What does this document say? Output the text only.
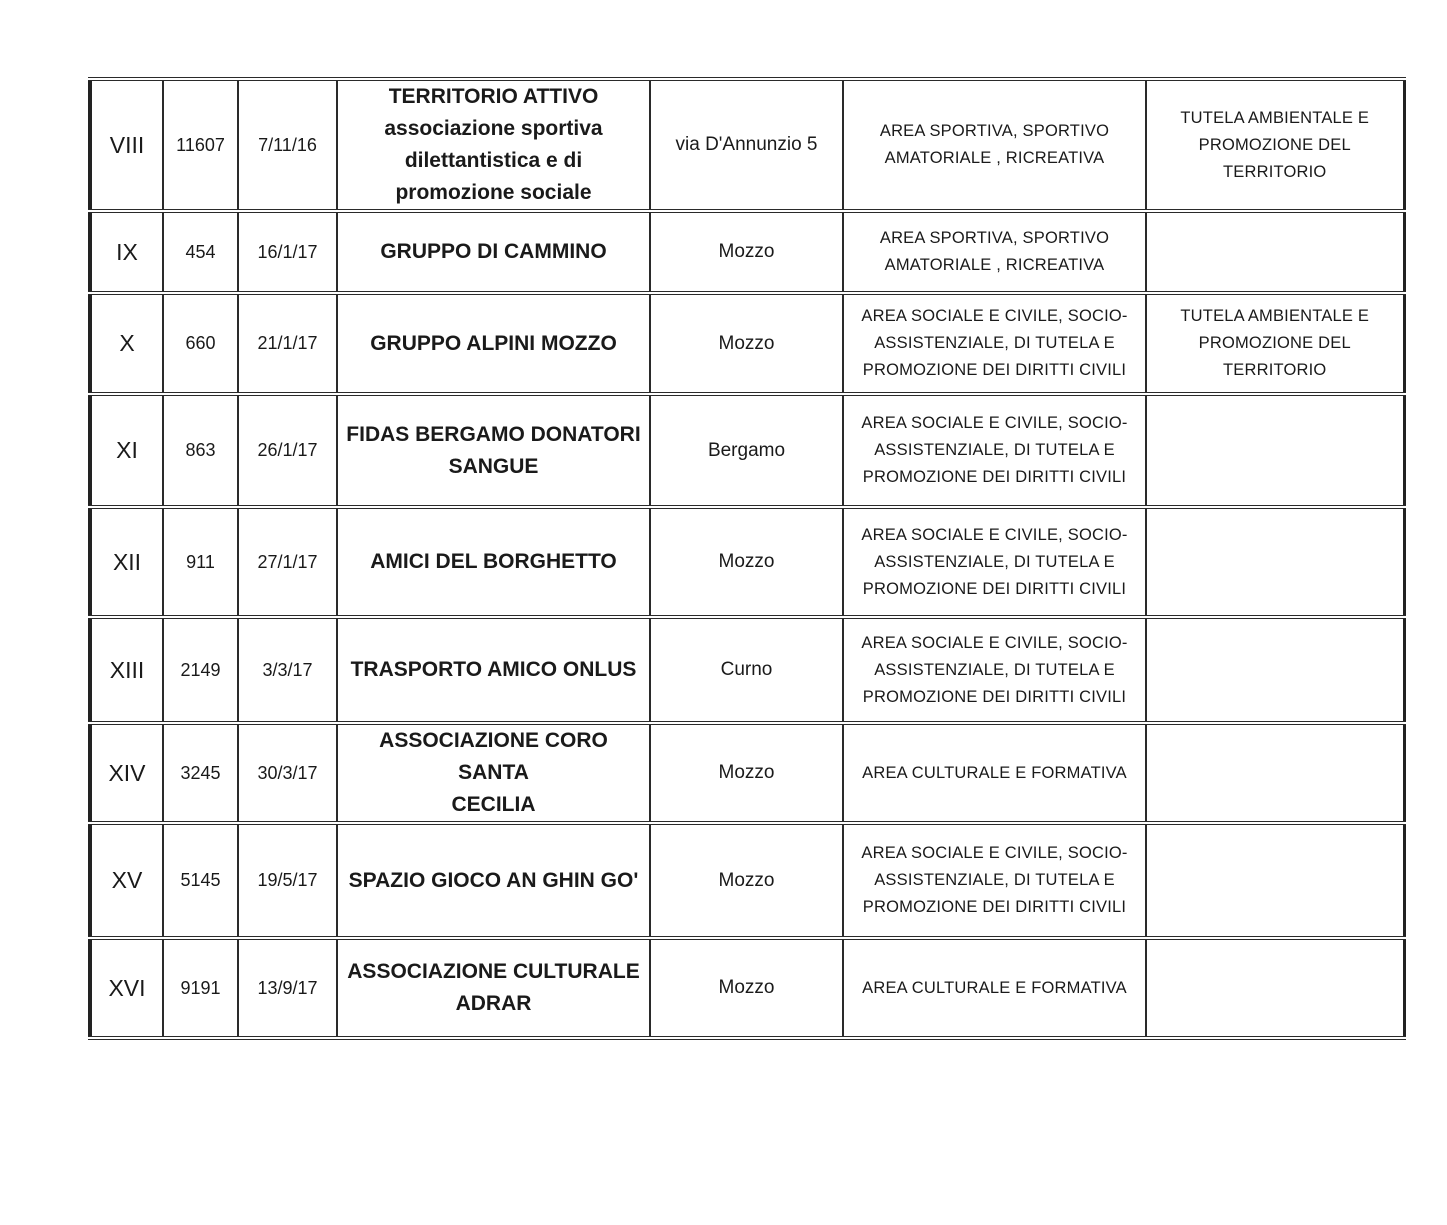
VIII	11607	7/11/16	TERRITORIO ATTIVO
associazione sportiva
dilettantistica e di
promozione sociale	via D'Annunzio 5	AREA SPORTIVA, SPORTIVO AMATORIALE , RICREATIVA	TUTELA AMBIENTALE E PROMOZIONE DEL TERRITORIO
IX	454	16/1/17	GRUPPO DI CAMMINO	Mozzo	AREA SPORTIVA, SPORTIVO AMATORIALE , RICREATIVA	
X	660	21/1/17	GRUPPO ALPINI MOZZO	Mozzo	AREA SOCIALE E CIVILE, SOCIO-ASSISTENZIALE, DI TUTELA E PROMOZIONE DEI DIRITTI CIVILI	TUTELA AMBIENTALE E PROMOZIONE DEL TERRITORIO
XI	863	26/1/17	FIDAS BERGAMO DONATORI
SANGUE	Bergamo	AREA SOCIALE E CIVILE, SOCIO-ASSISTENZIALE, DI TUTELA E PROMOZIONE DEI DIRITTI CIVILI	
XII	911	27/1/17	AMICI DEL BORGHETTO	Mozzo	AREA SOCIALE E CIVILE, SOCIO-ASSISTENZIALE, DI TUTELA E PROMOZIONE DEI DIRITTI CIVILI	
XIII	2149	3/3/17	TRASPORTO AMICO ONLUS	Curno	AREA SOCIALE E CIVILE, SOCIO-ASSISTENZIALE, DI TUTELA E PROMOZIONE DEI DIRITTI CIVILI	
XIV	3245	30/3/17	ASSOCIAZIONE CORO SANTA
CECILIA	Mozzo	AREA CULTURALE E FORMATIVA	
XV	5145	19/5/17	SPAZIO GIOCO AN GHIN GO'	Mozzo	AREA SOCIALE E CIVILE, SOCIO-ASSISTENZIALE, DI TUTELA E PROMOZIONE DEI DIRITTI CIVILI	
XVI	9191	13/9/17	ASSOCIAZIONE CULTURALE
ADRAR	Mozzo	AREA CULTURALE E FORMATIVA	
